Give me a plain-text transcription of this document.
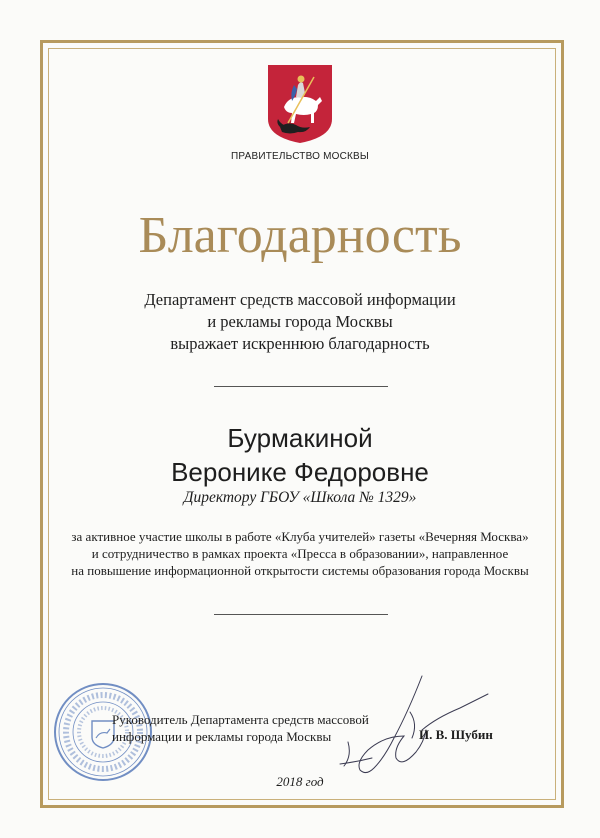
ПРАВИТЕЛЬСТВО МОСКВЫ
Благодарность
Департамент средств массовой информации
и рекламы города Москвы
выражает искреннюю благодарность
Бурмакиной
Веронике Федоровне
Директору ГБОУ «Школа № 1329»
за активное участие школы в работе «Клуба учителей» газеты «Вечерняя Москва»
и сотрудничество в рамках проекта «Пресса в образовании», направленное
на повышение информационной открытости системы образования города Москвы
Руководитель Департамента средств массовой
информации и рекламы города Москвы	И. В. Шубин
2018 год
